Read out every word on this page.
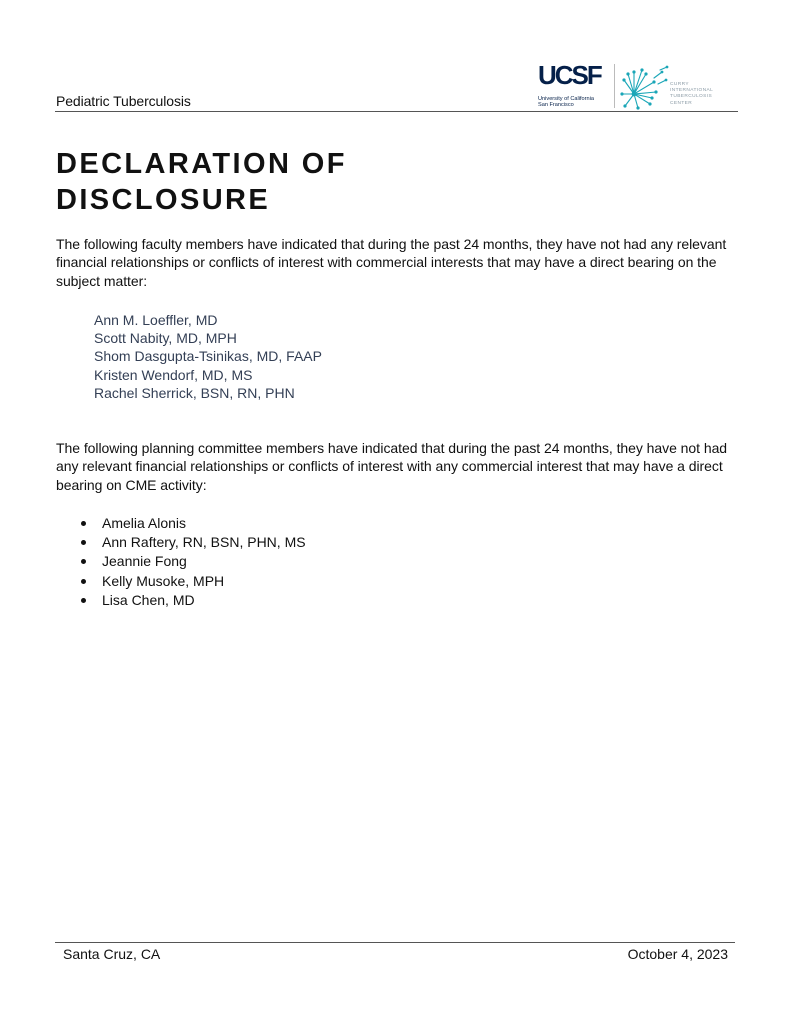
Pediatric Tuberculosis
UCSF
University of California
San Francisco
CURRY
INTERNATIONAL
TUBERCULOSIS
CENTER
DECLARATION OF
DISCLOSURE

The following faculty members have indicated that during the past 24 months, they have not had any relevant financial relationships or conflicts of interest with commercial interests that may have a direct bearing on the subject matter:

Ann M. Loeffler, MD
Scott Nabity, MD, MPH
Shom Dasgupta-Tsinikas, MD, FAAP
Kristen Wendorf, MD, MS
Rachel Sherrick, BSN, RN, PHN

The following planning committee members have indicated that during the past 24 months, they have not had any relevant financial relationships or conflicts of interest with any commercial interest that may have a direct bearing on CME activity:

Amelia Alonis
Ann Raftery, RN, BSN, PHN, MS
Jeannie Fong
Kelly Musoke, MPH
Lisa Chen, MD
Santa Cruz, CA	October 4, 2023
